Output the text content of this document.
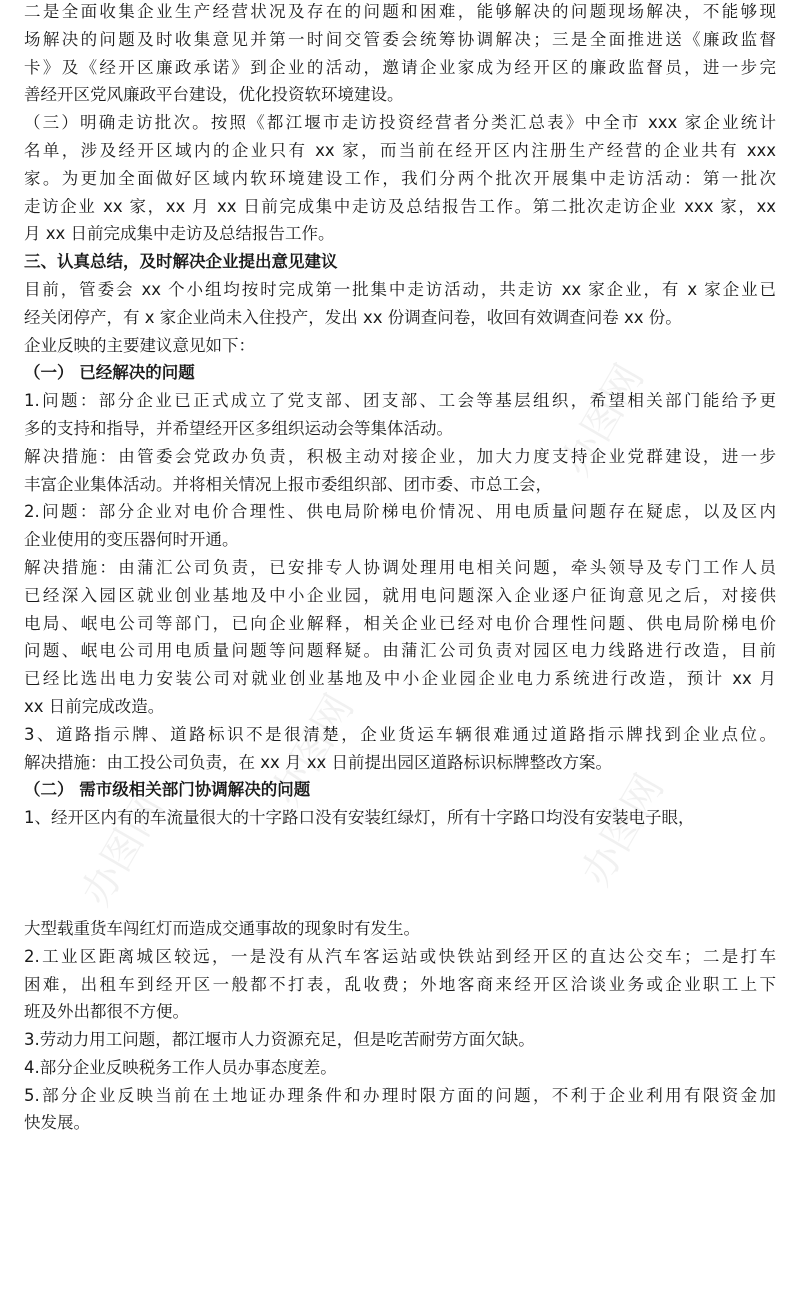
办图网
办图网
办图网	办图网
二是全面收集企业生产经营状况及存在的问题和困难，能够解决的问题现场解决，不能够现
场解决的问题及时收集意见并第一时间交管委会统筹协调解决；三是全面推进送《廉政监督
卡》及《经开区廉政承诺》到企业的活动，邀请企业家成为经开区的廉政监督员，进一步完
善经开区党风廉政平台建设，优化投资软环境建设。
（三）明确走访批次。按照《都江堰市走访投资经营者分类汇总表》中全市 xxx 家企业统计
名单，涉及经开区域内的企业只有 xx 家，而当前在经开区内注册生产经营的企业共有 xxx
家。为更加全面做好区域内软环境建设工作，我们分两个批次开展集中走访活动：第一批次
走访企业 xx 家，xx 月 xx 日前完成集中走访及总结报告工作。第二批次走访企业 xxx 家，xx
月 xx 日前完成集中走访及总结报告工作。
三、认真总结，及时解决企业提出意见建议
目前，管委会 xx 个小组均按时完成第一批集中走访活动，共走访 xx 家企业，有 x 家企业已
经关闭停产，有 x 家企业尚未入住投产，发出 xx 份调查问卷，收回有效调查问卷 xx 份。
企业反映的主要建议意见如下：
（一） 已经解决的问题
1.问题：部分企业已正式成立了党支部、团支部、工会等基层组织，希望相关部门能给予更
多的支持和指导，并希望经开区多组织运动会等集体活动。
解决措施：由管委会党政办负责，积极主动对接企业，加大力度支持企业党群建设，进一步
丰富企业集体活动。并将相关情况上报市委组织部、团市委、市总工会，
2.问题：部分企业对电价合理性、供电局阶梯电价情况、用电质量问题存在疑虑，以及区内
企业使用的变压器何时开通。
解决措施：由蒲汇公司负责，已安排专人协调处理用电相关问题，牵头领导及专门工作人员
已经深入园区就业创业基地及中小企业园，就用电问题深入企业逐户征询意见之后，对接供
电局、岷电公司等部门，已向企业解释，相关企业已经对电价合理性问题、供电局阶梯电价
问题、岷电公司用电质量问题等问题释疑。由蒲汇公司负责对园区电力线路进行改造，目前
已经比选出电力安装公司对就业创业基地及中小企业园企业电力系统进行改造，预计 xx 月
xx 日前完成改造。
3、道路指示牌、道路标识不是很清楚，企业货运车辆很难通过道路指示牌找到企业点位。
解决措施：由工投公司负责，在 xx 月 xx 日前提出园区道路标识标牌整改方案。
（二） 需市级相关部门协调解决的问题
1、经开区内有的车流量很大的十字路口没有安装红绿灯，所有十字路口均没有安装电子眼，
大型载重货车闯红灯而造成交通事故的现象时有发生。
2.工业区距离城区较远，一是没有从汽车客运站或快铁站到经开区的直达公交车；二是打车
困难，出租车到经开区一般都不打表，乱收费；外地客商来经开区洽谈业务或企业职工上下
班及外出都很不方便。
3.劳动力用工问题，都江堰市人力资源充足，但是吃苦耐劳方面欠缺。
4.部分企业反映税务工作人员办事态度差。
5.部分企业反映当前在土地证办理条件和办理时限方面的问题，不利于企业利用有限资金加
快发展。
